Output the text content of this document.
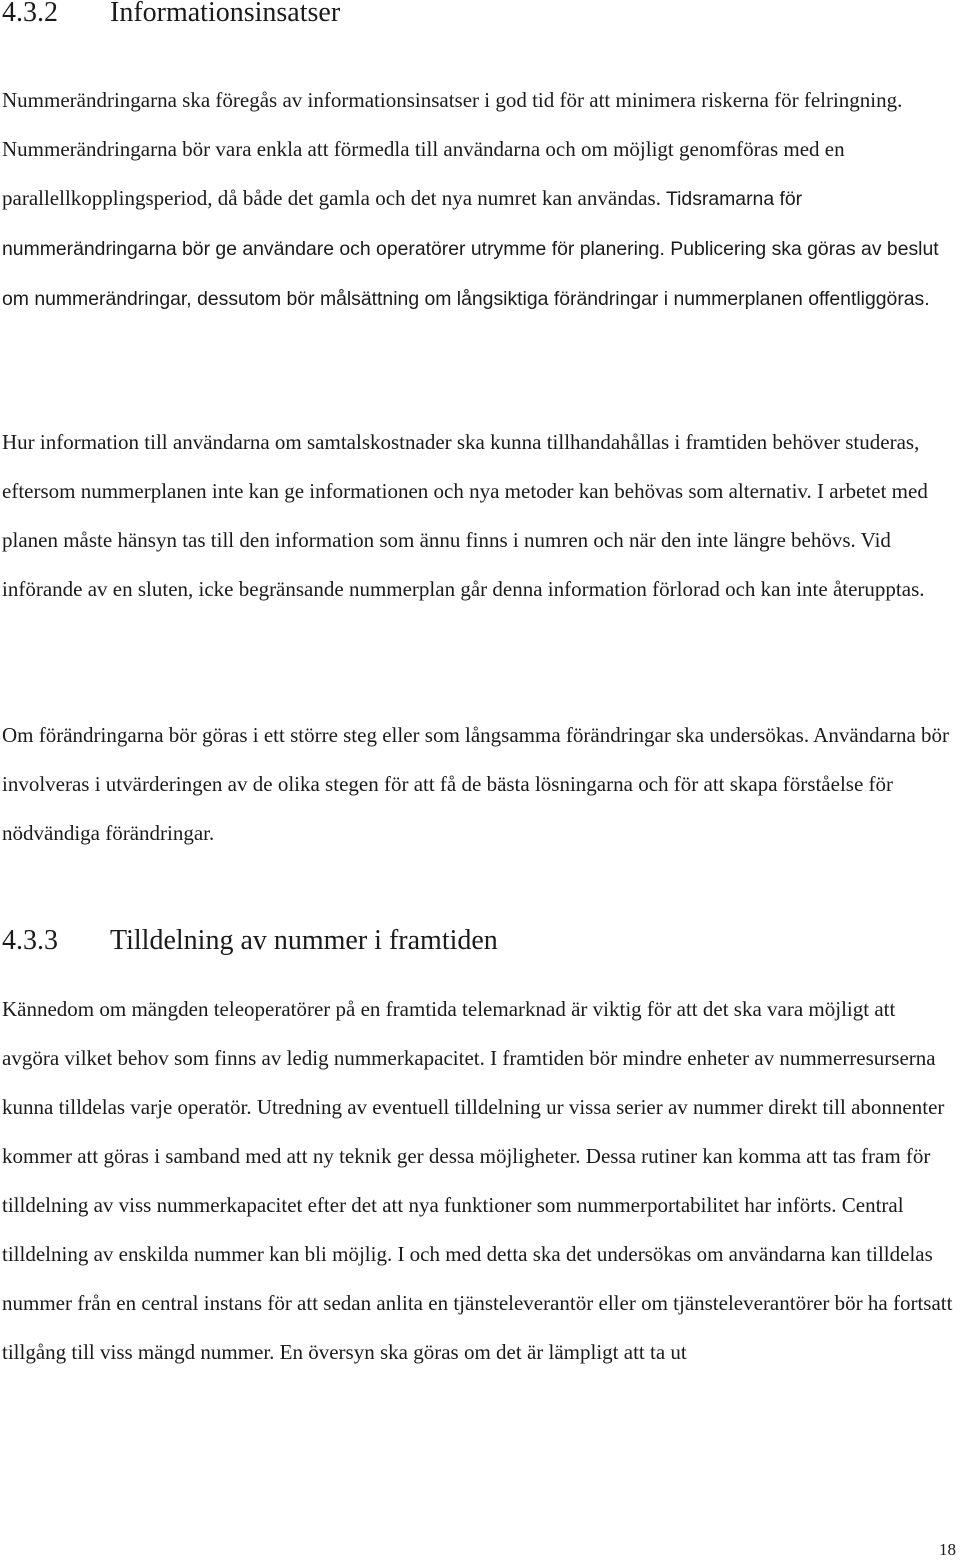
4.3.2 Informationsinsatser

Nummerändringarna ska föregås av informationsinsatser i god tid för att minimera riskerna för felringning. Nummerändringarna bör vara enkla att förmedla till användarna och om möjligt genomföras med en parallellkopplingsperiod, då både det gamla och det nya numret kan användas. Tidsramarna för nummerändringarna bör ge användare och operatörer utrymme för planering. Publicering ska göras av beslut om nummerändringar, dessutom bör målsättning om långsiktiga förändringar i nummerplanen offentliggöras.

Hur information till användarna om samtalskostnader ska kunna tillhandahållas i framtiden behöver studeras, eftersom nummerplanen inte kan ge informationen och nya metoder kan behövas som alternativ. I arbetet med planen måste hänsyn tas till den information som ännu finns i numren och när den inte längre behövs. Vid införande av en sluten, icke begränsande nummerplan går denna information förlorad och kan inte återupptas.

Om förändringarna bör göras i ett större steg eller som långsamma förändringar ska undersökas. Användarna bör involveras i utvärderingen av de olika stegen för att få de bästa lösningarna och för att skapa förståelse för nödvändiga förändringar.

4.3.3 Tilldelning av nummer i framtiden

Kännedom om mängden teleoperatörer på en framtida telemarknad är viktig för att det ska vara möjligt att avgöra vilket behov som finns av ledig nummerkapacitet. I framtiden bör mindre enheter av nummerresurserna kunna tilldelas varje operatör. Utredning av eventuell tilldelning ur vissa serier av nummer direkt till abonnenter kommer att göras i samband med att ny teknik ger dessa möjligheter. Dessa rutiner kan komma att tas fram för tilldelning av viss nummerkapacitet efter det att nya funktioner som nummerportabilitet har införts. Central tilldelning av enskilda nummer kan bli möjlig. I och med detta ska det undersökas om användarna kan tilldelas nummer från en central instans för att sedan anlita en tjänsteleverantör eller om tjänsteleverantörer bör ha fortsatt tillgång till viss mängd nummer. En översyn ska göras om det är lämpligt att ta ut

18
